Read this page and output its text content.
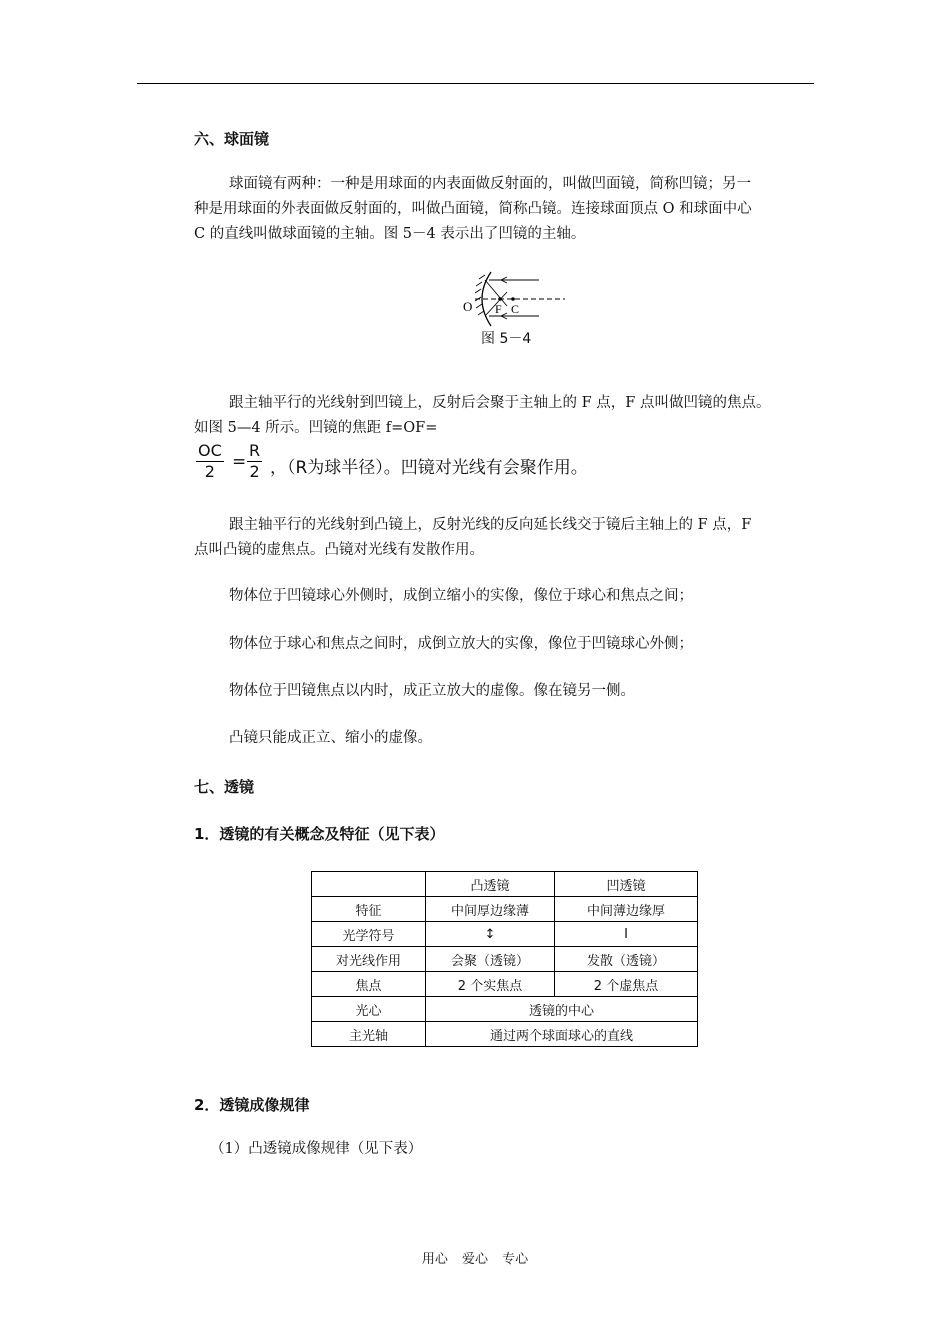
六、球面镜
球面镜有两种：一种是用球面的内表面做反射面的，叫做凹面镜，简称凹镜；另一
种是用球面的外表面做反射面的，叫做凸面镜，简称凸镜。连接球面顶点 O 和球面中心
C 的直线叫做球面镜的主轴。图 5－4 表示出了凹镜的主轴。
O F C
图 5－4
跟主轴平行的光线射到凹镜上，反射后会聚于主轴上的 F 点，F 点叫做凹镜的焦点。
如图 5—4 所示。凹镜的焦距 f=OF=
$\frac{OC}{2} = \frac{R}{2}$ ，（R为球半径）。凹镜对光线有会聚作用。
跟主轴平行的光线射到凸镜上，反射光线的反向延长线交于镜后主轴上的 F 点，F
点叫凸镜的虚焦点。凸镜对光线有发散作用。
物体位于凹镜球心外侧时，成倒立缩小的实像，像位于球心和焦点之间；
物体位于球心和焦点之间时，成倒立放大的实像，像位于凹镜球心外侧；
物体位于凹镜焦点以内时，成正立放大的虚像。像在镜另一侧。
凸镜只能成正立、缩小的虚像。
七、透镜
1．透镜的有关概念及特征（见下表）
	凸透镜	凹透镜
特征	中间厚边缘薄	中间薄边缘厚
光学符号	↕	Ⅰ
对光线作用	会聚（透镜）	发散（透镜）
焦点	2 个实焦点	2 个虚焦点
光心	透镜的中心	
主光轴	通过两个球面球心的直线	
2．透镜成像规律
（1）凸透镜成像规律（见下表）
用心 爱心 专心
